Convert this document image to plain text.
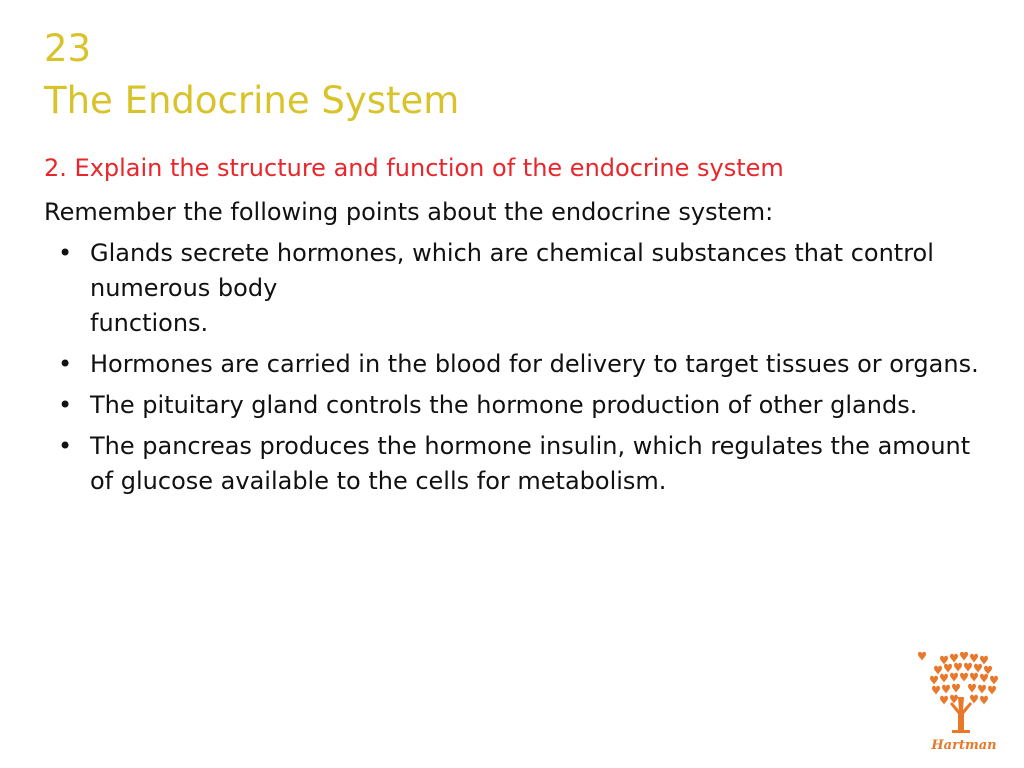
23
The Endocrine System
2. Explain the structure and function of the endocrine system
Remember the following points about the endocrine system:
• Glands secrete hormones, which are chemical substances that control numerous body
functions.
• Hormones are carried in the blood for delivery to target tissues or organs.
• The pituitary gland controls the hormone production of other glands.
• The pancreas produces the hormone insulin, which regulates the amount of glucose available to the cells for metabolism.
Hartman
